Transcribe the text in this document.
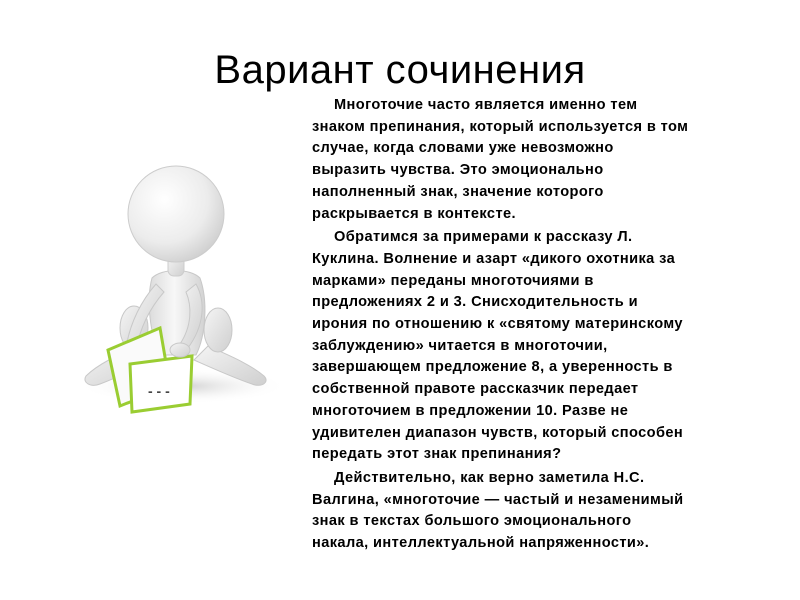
Вариант сочинения
- - -

Многоточие часто является именно тем
знаком препинания, который используется в том
случае, когда словами уже невозможно
выразить чувства. Это эмоционально
наполненный знак, значение которого
раскрывается в контексте.

Обратимся за примерами к рассказу Л.
Куклина. Волнение и азарт «дикого охотника за
марками» переданы многоточиями в
предложениях 2 и 3. Снисходительность и
ирония по отношению к «святому материнскому
заблуждению» читается в многоточии,
завершающем предложение 8, а уверенность в
собственной правоте рассказчик передает
многоточием в предложении 10. Разве не
удивителен диапазон чувств, который способен
передать этот знак препинания?

Действительно, как верно заметила Н.С.
Валгина, «многоточие — частый и незаменимый
знак в текстах большого эмоционального
накала, интеллектуальной напряженности».
